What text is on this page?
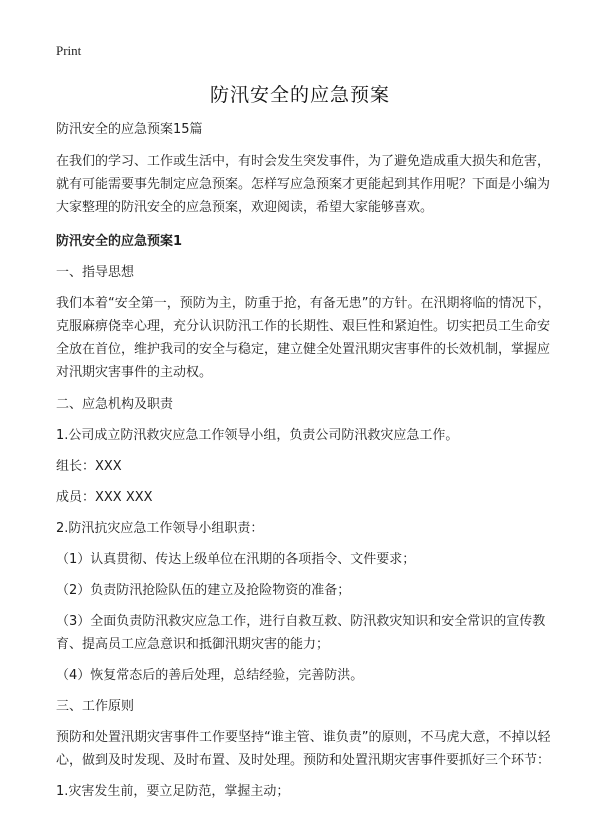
Print
防汛安全的应急预案

防汛安全的应急预案15篇

在我们的学习、工作或生活中，有时会发生突发事件，为了避免造成重大损失和危害，就有可能需要事先制定应急预案。怎样写应急预案才更能起到其作用呢？下面是小编为大家整理的防汛安全的应急预案，欢迎阅读，希望大家能够喜欢。

防汛安全的应急预案1

一、指导思想

我们本着“安全第一，预防为主，防重于抢，有备无患”的方针。在汛期将临的情况下，克服麻痹侥幸心理，充分认识防汛工作的长期性、艰巨性和紧迫性。切实把员工生命安全放在首位，维护我司的安全与稳定，建立健全处置汛期灾害事件的长效机制，掌握应对汛期灾害事件的主动权。

二、应急机构及职责

1.公司成立防汛救灾应急工作领导小组，负责公司防汛救灾应急工作。

组长：XXX

成员：XXX XXX

2.防汛抗灾应急工作领导小组职责：

（1）认真贯彻、传达上级单位在汛期的各项指令、文件要求；

（2）负责防汛抢险队伍的建立及抢险物资的准备；

（3）全面负责防汛救灾应急工作，进行自救互救、防汛救灾知识和安全常识的宣传教育、提高员工应急意识和抵御汛期灾害的能力；

（4）恢复常态后的善后处理，总结经验，完善防洪。

三、工作原则

预防和处置汛期灾害事件工作要坚持“谁主管、谁负责”的原则，不马虎大意，不掉以轻心，做到及时发现、及时布置、及时处理。预防和处置汛期灾害事件要抓好三个环节：

1.灾害发生前，要立足防范，掌握主动；
